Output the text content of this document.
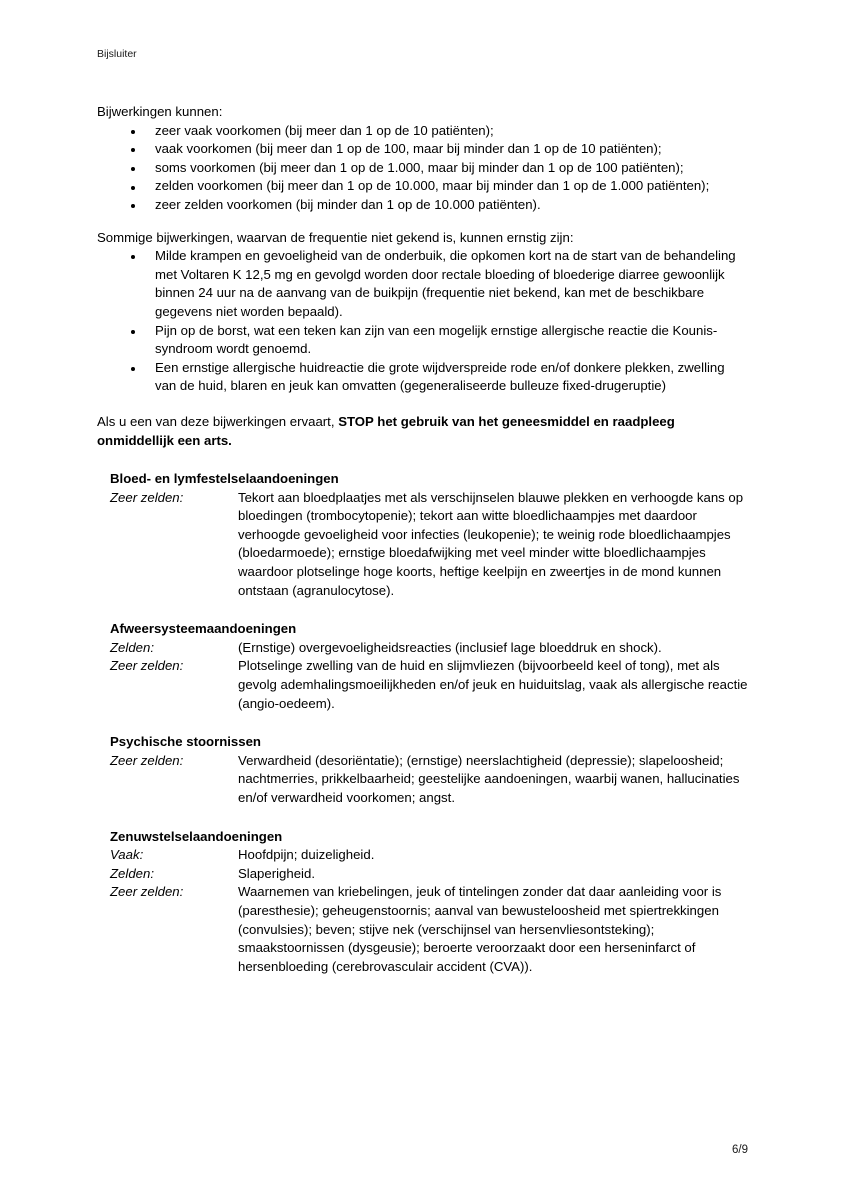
Bijsluiter

Bijwerkingen kunnen:

zeer vaak voorkomen (bij meer dan 1 op de 10 patiënten);
vaak voorkomen (bij meer dan 1 op de 100, maar bij minder dan 1 op de 10 patiënten);
soms voorkomen (bij meer dan 1 op de 1.000, maar bij minder dan 1 op de 100 patiënten);
zelden voorkomen (bij meer dan 1 op de 10.000, maar bij minder dan 1 op de 1.000 patiënten);
zeer zelden voorkomen (bij minder dan 1 op de 10.000 patiënten).

Sommige bijwerkingen, waarvan de frequentie niet gekend is, kunnen ernstig zijn:

Milde krampen en gevoeligheid van de onderbuik, die opkomen kort na de start van de behandeling met Voltaren K 12,5 mg en gevolgd worden door rectale bloeding of bloederige diarree gewoonlijk binnen 24 uur na de aanvang van de buikpijn (frequentie niet bekend, kan met de beschikbare gegevens niet worden bepaald).
Pijn op de borst, wat een teken kan zijn van een mogelijk ernstige allergische reactie die Kounis-syndroom wordt genoemd.
Een ernstige allergische huidreactie die grote wijdverspreide rode en/of donkere plekken, zwelling van de huid, blaren en jeuk kan omvatten (gegeneraliseerde bulleuze fixed-drugeruptie)

Als u een van deze bijwerkingen ervaart, STOP het gebruik van het geneesmiddel en raadpleeg onmiddellijk een arts.

Bloed- en lymfestelselaandoeningen
Zeer zelden:	Tekort aan bloedplaatjes met als verschijnselen blauwe plekken en verhoogde kans op bloedingen (trombocytopenie); tekort aan witte bloedlichaampjes met daardoor verhoogde gevoeligheid voor infecties (leukopenie); te weinig rode bloedlichaampjes (bloedarmoede); ernstige bloedafwijking met veel minder witte bloedlichaampjes waardoor plotselinge hoge koorts, heftige keelpijn en zweertjes in de mond kunnen ontstaan (agranulocytose).
Afweersysteemaandoeningen
Zelden:	(Ernstige) overgevoeligheidsreacties (inclusief lage bloeddruk en shock).
Zeer zelden:	Plotselinge zwelling van de huid en slijmvliezen (bijvoorbeeld keel of tong), met als gevolg ademhalingsmoeilijkheden en/of jeuk en huiduitslag, vaak als allergische reactie (angio-oedeem).
Psychische stoornissen
Zeer zelden:	Verwardheid (desoriëntatie); (ernstige) neerslachtigheid (depressie); slapeloosheid; nachtmerries, prikkelbaarheid; geestelijke aandoeningen, waarbij wanen, hallucinaties en/of verwardheid voorkomen; angst.
Zenuwstelselaandoeningen
Vaak:	Hoofdpijn; duizeligheid.
Zelden:	Slaperigheid.
Zeer zelden:	Waarnemen van kriebelingen, jeuk of tintelingen zonder dat daar aanleiding voor is (paresthesie); geheugenstoornis; aanval van bewusteloosheid met spiertrekkingen (convulsies); beven; stijve nek (verschijnsel van hersenvliesontsteking); smaakstoornissen (dysgeusie); beroerte veroorzaakt door een herseninfarct of hersenbloeding (cerebrovasculair accident (CVA)).
6/9
